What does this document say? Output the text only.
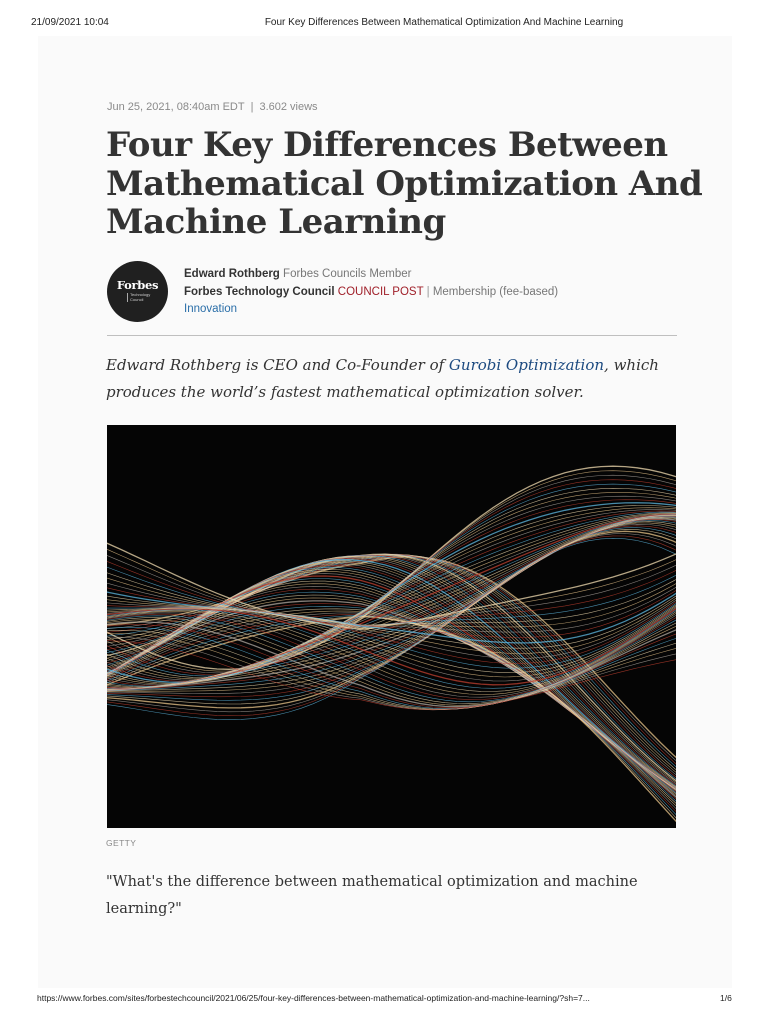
21/09/2021 10:04	Four Key Differences Between Mathematical Optimization And Machine Learning
Jun 25, 2021, 08:40am EDT | 3.602 views
Four Key Differences Between Mathematical Optimization And Machine Learning
Forbes
Technology Council
Edward Rothberg Forbes Councils Member
Forbes Technology Council COUNCIL POST | Membership (fee-based)
Innovation

Edward Rothberg is CEO and Co-Founder of Gurobi Optimization, which produces the world’s fastest mathematical optimization solver.

GETTY

"What's the difference between mathematical optimization and machine learning?"

https://www.forbes.com/sites/forbestechcouncil/2021/06/25/four-key-differences-between-mathematical-optimization-and-machine-learning/?sh=7...	1/6
